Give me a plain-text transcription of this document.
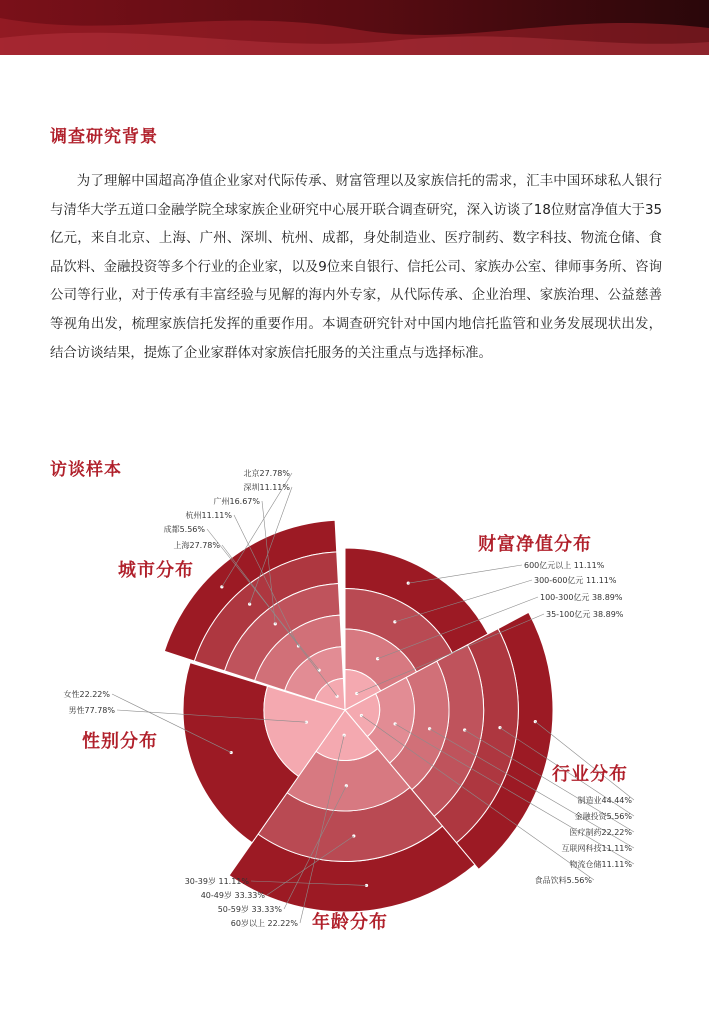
调查研究背景

为了理解中国超高净值企业家对代际传承、财富管理以及家族信托的需求，汇丰中国环球私人银行与清华大学五道口金融学院全球家族企业研究中心展开联合调查研究，深入访谈了18位财富净值大于35亿元，来自北京、上海、广州、深圳、杭州、成都，身处制造业、医疗制药、数字科技、物流仓储、食品饮料、金融投资等多个行业的企业家，以及9位来自银行、信托公司、家族办公室、律师事务所、咨询公司等行业，对于传承有丰富经验与见解的海内外专家，从代际传承、企业治理、家族治理、公益慈善等视角出发，梳理家族信托发挥的重要作用。本调查研究针对中国内地信托监管和业务发展现状出发，结合访谈结果，提炼了企业家群体对家族信托服务的关注重点与选择标准。

访谈样本	北京27.78%
深圳11.11%
广州16.67%
杭州11.11%
成都5.56%
上海27.78%
城市分布	600亿元以上 11.11%
300-600亿元 11.11%
100-300亿元 38.89%
35-100亿元 38.89%
财富净值分布
制造业44.44%
金融投资5.56%
医疗制药22.22%
互联网科技11.11%
物流仓储11.11%
食品饮料5.56%
行业分布
30-39岁 11.11%
40-49岁 33.33%
50-59岁 33.33%
60岁以上 22.22% 年龄分布
女性22.22%
男性77.78%
性别分布
